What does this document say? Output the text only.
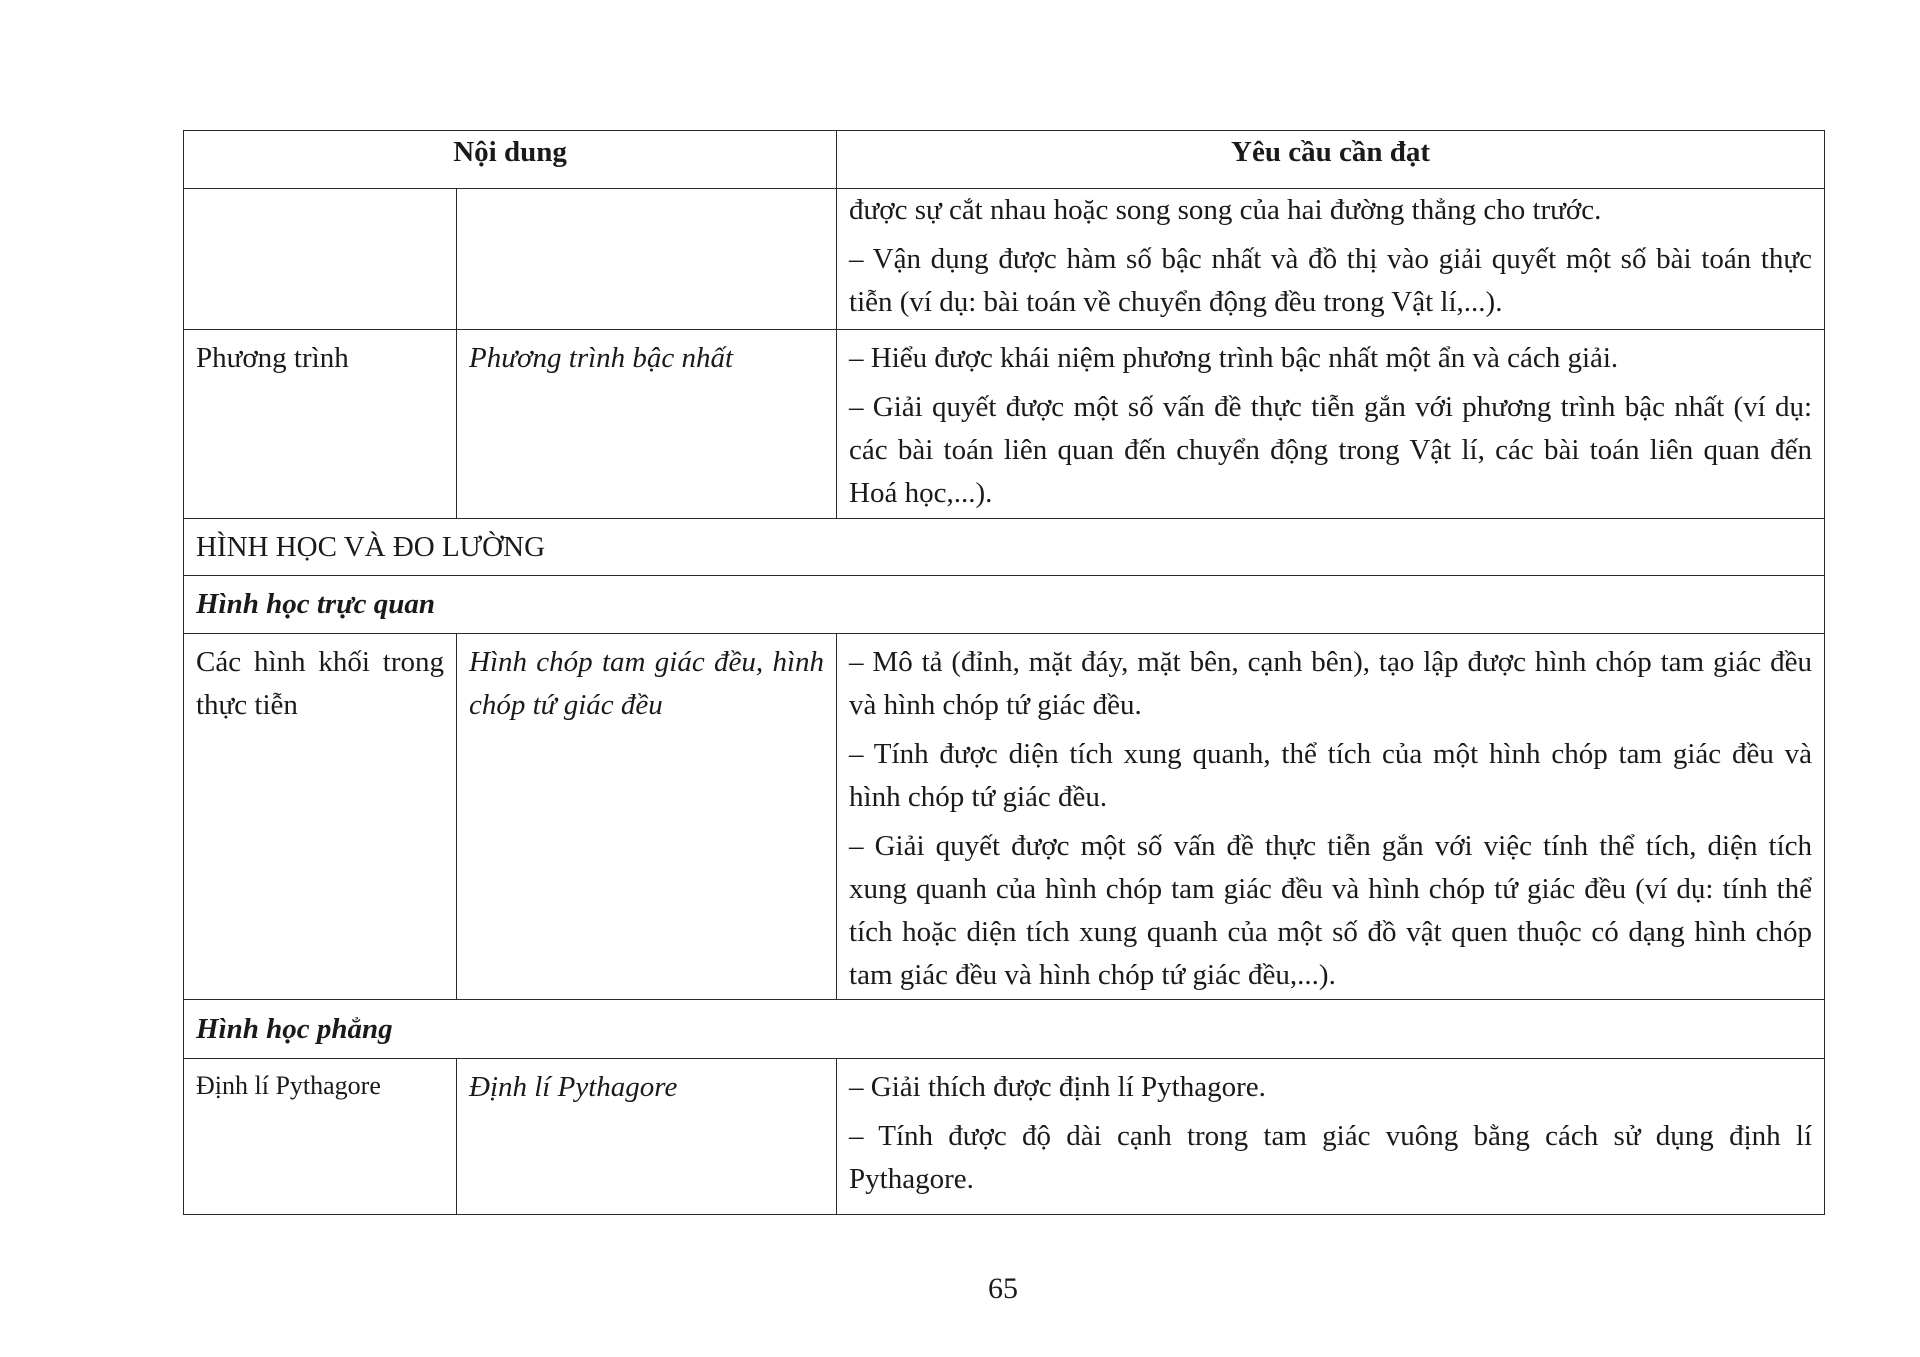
Nội dung		Yêu cầu cần đạt

		được sự cắt nhau hoặc song song của hai đường thẳng cho trước.

– Vận dụng được hàm số bậc nhất và đồ thị vào giải quyết một số bài toán thực tiễn (ví dụ: bài toán về chuyển động đều trong Vật lí,...).

Phương trình	Phương trình bậc nhất	– Hiểu được khái niệm phương trình bậc nhất một ẩn và cách giải.

– Giải quyết được một số vấn đề thực tiễn gắn với phương trình bậc nhất (ví dụ: các bài toán liên quan đến chuyển động trong Vật lí, các bài toán liên quan đến Hoá học,...).

HÌNH HỌC VÀ ĐO LƯỜNG		
Hình học trực quan		

Các hình khối trong thực tiễn	Hình chóp tam giác đều, hình chóp tứ giác đều	– Mô tả (đỉnh, mặt đáy, mặt bên, cạnh bên), tạo lập được hình chóp tam giác đều và hình chóp tứ giác đều.

– Tính được diện tích xung quanh, thể tích của một hình chóp tam giác đều và hình chóp tứ giác đều.

– Giải quyết được một số vấn đề thực tiễn gắn với việc tính thể tích, diện tích xung quanh của hình chóp tam giác đều và hình chóp tứ giác đều (ví dụ: tính thể tích hoặc diện tích xung quanh của một số đồ vật quen thuộc có dạng hình chóp tam giác đều và hình chóp tứ giác đều,...).

Hình học phẳng		

Định lí Pythagore	Định lí Pythagore	– Giải thích được định lí Pythagore.

– Tính được độ dài cạnh trong tam giác vuông bằng cách sử dụng định lí Pythagore.

65
